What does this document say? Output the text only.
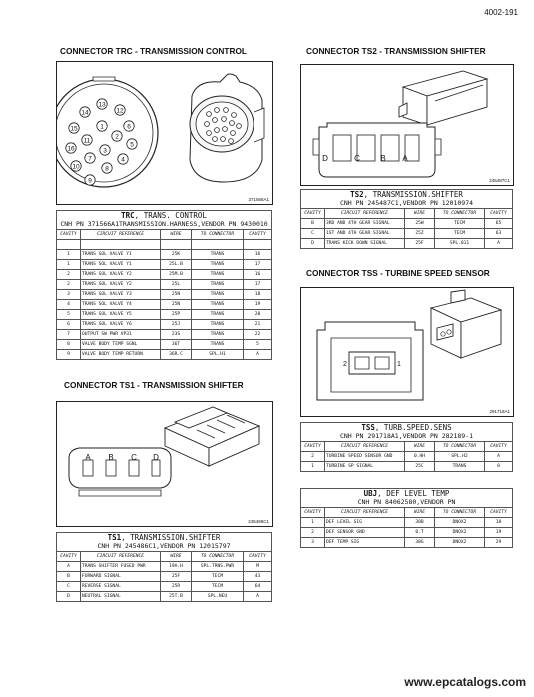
4002-191
CONNECTOR TRC - TRANSMISSION CONTROL
9
10
16
15
14
13
12
6
5
4
8
7
11
3
2
1
371566A1
TRC, TRANS. CONTROL				
CNH PN 371566A1TRANSMISSION.HARNESS,VENDOR PN 9430010				
CAVITY	CIRCUIT REFERENCE	WIRE	TO CONNECTOR	CAVITY

1	TRANS SOL VALVE Y1	25K	TRANS	16
1	TRANS SOL VALVE Y1	25L.B	TRANS	17
2	TRANS SOL VALVE Y2	25M.B	TRANS	16
2	TRANS SOL VALVE Y2	25L	TRANS	17
3	TRANS SOL VALVE Y3	25N	TRANS	18
4	TRANS SOL VALVE Y4	25N	TRANS	19
5	TRANS SOL VALVE Y5	25P	TRANS	20
6	TRANS SOL VALVE Y6	25J	TRANS	21
7	OUTPUT SW PWR VP31	23S	TRANS	22
8	VALVE BODY TEMP SGNL	36T	TRANS	5
9	VALVE BODY TEMP RETURN	36R.C	SPL.H1	A
CONNECTOR TS1 - TRANSMISSION SHIFTER
A B C D
245486C1
TS1, TRANSMISSION.SHIFTER				
CNH PN 245486C1,VENDOR PN 12015797				
CAVITY	CIRCUIT REFERENCE	WIRE	TO CONNECTOR	CAVITY
A	TRANS SHIFTER FUSED PWR	19A.H	SPL.TRNS.PWR	M
B	FORWARD SIGNAL	25F	TECM	43
C	REVERSE SIGNAL	25R	TECM	64
D	NEUTRAL SIGNAL	25T.B	SPL.NEU	A
CONNECTOR TS2 - TRANSMISSION SHIFTER
D	C	B A
245487C1
TS2, TRANSMISSION.SHIFTER				
CNH PN 245487C1,VENDOR PN 12010974				
CAVITY	CIRCUIT REFERENCE	WIRE	TO CONNECTOR	CAVITY
B	3RD AND 4TH GEAR SIGNAL	25W	TECM	65
C	1ST AND 4TH GEAR SIGNAL	25Z	TECM	63
D	TRANS KICK DOWN SIGNAL	25F	SPL.011	A
CONNECTOR TSS - TURBINE SPEED SENSOR
2	1
291718A1
TSS, TURB.SPEED.SENS				
CNH PN 291718A1,VENDOR PN 282189-1				
CAVITY	CIRCUIT REFERENCE	WIRE	TO CONNECTOR	CAVITY
2	TURBINE SPEED SENSOR GND	0.HH	SPL.H2	A
1	TURBINE SP SIGNAL	25C	TRANS	8
UBJ, DEF LEVEL TEMP				
CNH PN 84062580,VENDOR PN				
CAVITY	CIRCUIT REFERENCE	WIRE	TO CONNECTOR	CAVITY
1	DEF LEVEL SIG	38B	DNOX2	18
2	DEF SENSOR GND	0.T	DNOX2	19
3	DEF TEMP SIG	38G	DNOX2	29
www.epcatalogs.com
